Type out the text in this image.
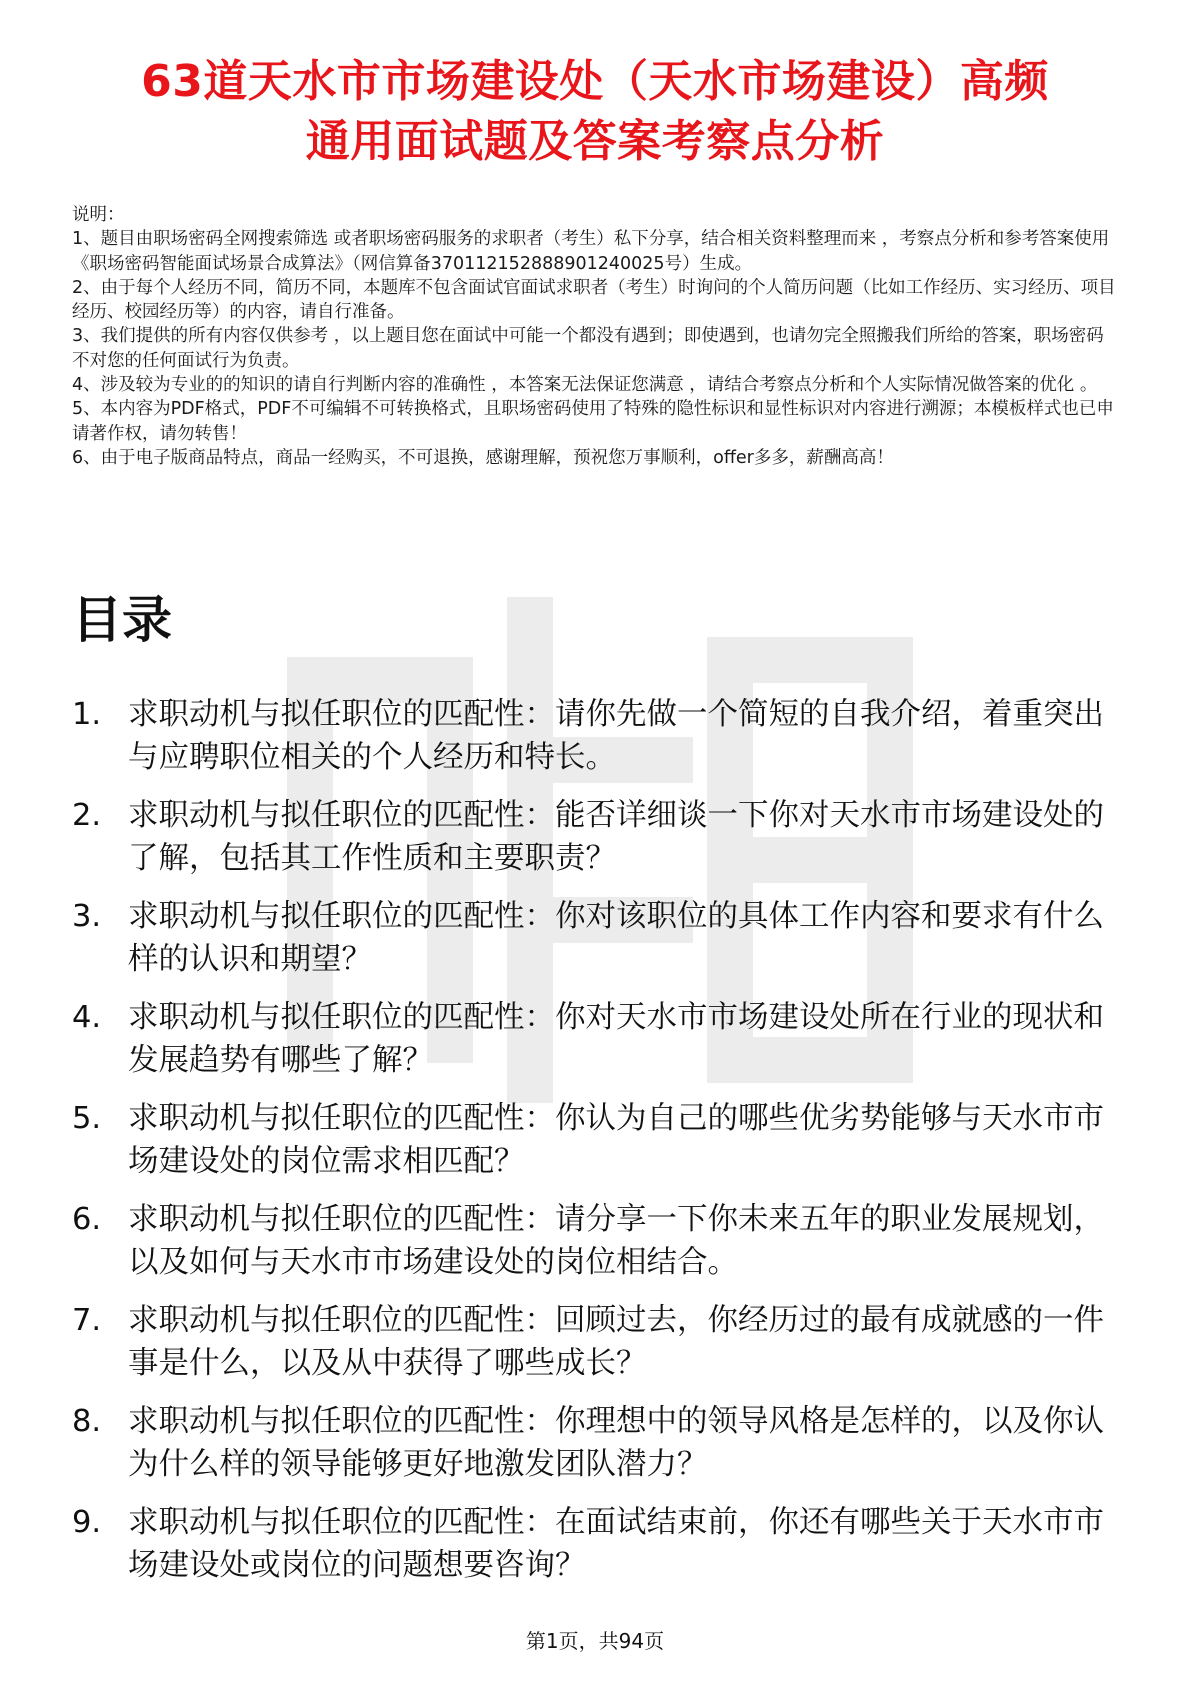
63道天水市市场建设处（天水市场建设）高频
通用面试题及答案考察点分析
说明：
1、题目由职场密码全网搜索筛选 或者职场密码服务的求职者（考生）私下分享，结合相关资料整理而来 ，考察点分析和参考答案使用《职场密码智能面试场景合成算法》（网信算备370112152888901240025号）生成。
2、由于每个人经历不同，简历不同，本题库不包含面试官面试求职者（考生）时询问的个人简历问题（比如工作经历、实习经历、项目经历、校园经历等）的内容，请自行准备。
3、我们提供的所有内容仅供参考 ，以上题目您在面试中可能一个都没有遇到；即使遇到，也请勿完全照搬我们所给的答案，职场密码不对您的任何面试行为负责。
4、涉及较为专业的的知识的请自行判断内容的准确性 ，本答案无法保证您满意 ，请结合考察点分析和个人实际情况做答案的优化 。
5、本内容为PDF格式，PDF不可编辑不可转换格式，且职场密码使用了特殊的隐性标识和显性标识对内容进行溯源；本模板样式也已申请著作权，请勿转售！
6、由于电子版商品特点，商品一经购买，不可退换，感谢理解，预祝您万事顺利，offer多多，薪酬高高！
目录
1. 求职动机与拟任职位的匹配性：请你先做一个简短的自我介绍，着重突出与应聘职位相关的个人经历和特长。
2. 求职动机与拟任职位的匹配性：能否详细谈一下你对天水市市场建设处的了解，包括其工作性质和主要职责？
3. 求职动机与拟任职位的匹配性：你对该职位的具体工作内容和要求有什么样的认识和期望？
4. 求职动机与拟任职位的匹配性：你对天水市市场建设处所在行业的现状和发展趋势有哪些了解？
5. 求职动机与拟任职位的匹配性：你认为自己的哪些优劣势能够与天水市市场建设处的岗位需求相匹配？
6. 求职动机与拟任职位的匹配性：请分享一下你未来五年的职业发展规划，以及如何与天水市市场建设处的岗位相结合。
7. 求职动机与拟任职位的匹配性：回顾过去，你经历过的最有成就感的一件事是什么，以及从中获得了哪些成长？
8. 求职动机与拟任职位的匹配性：你理想中的领导风格是怎样的，以及你认为什么样的领导能够更好地激发团队潜力？
9. 求职动机与拟任职位的匹配性：在面试结束前，你还有哪些关于天水市市场建设处或岗位的问题想要咨询？
第1页，共94页
